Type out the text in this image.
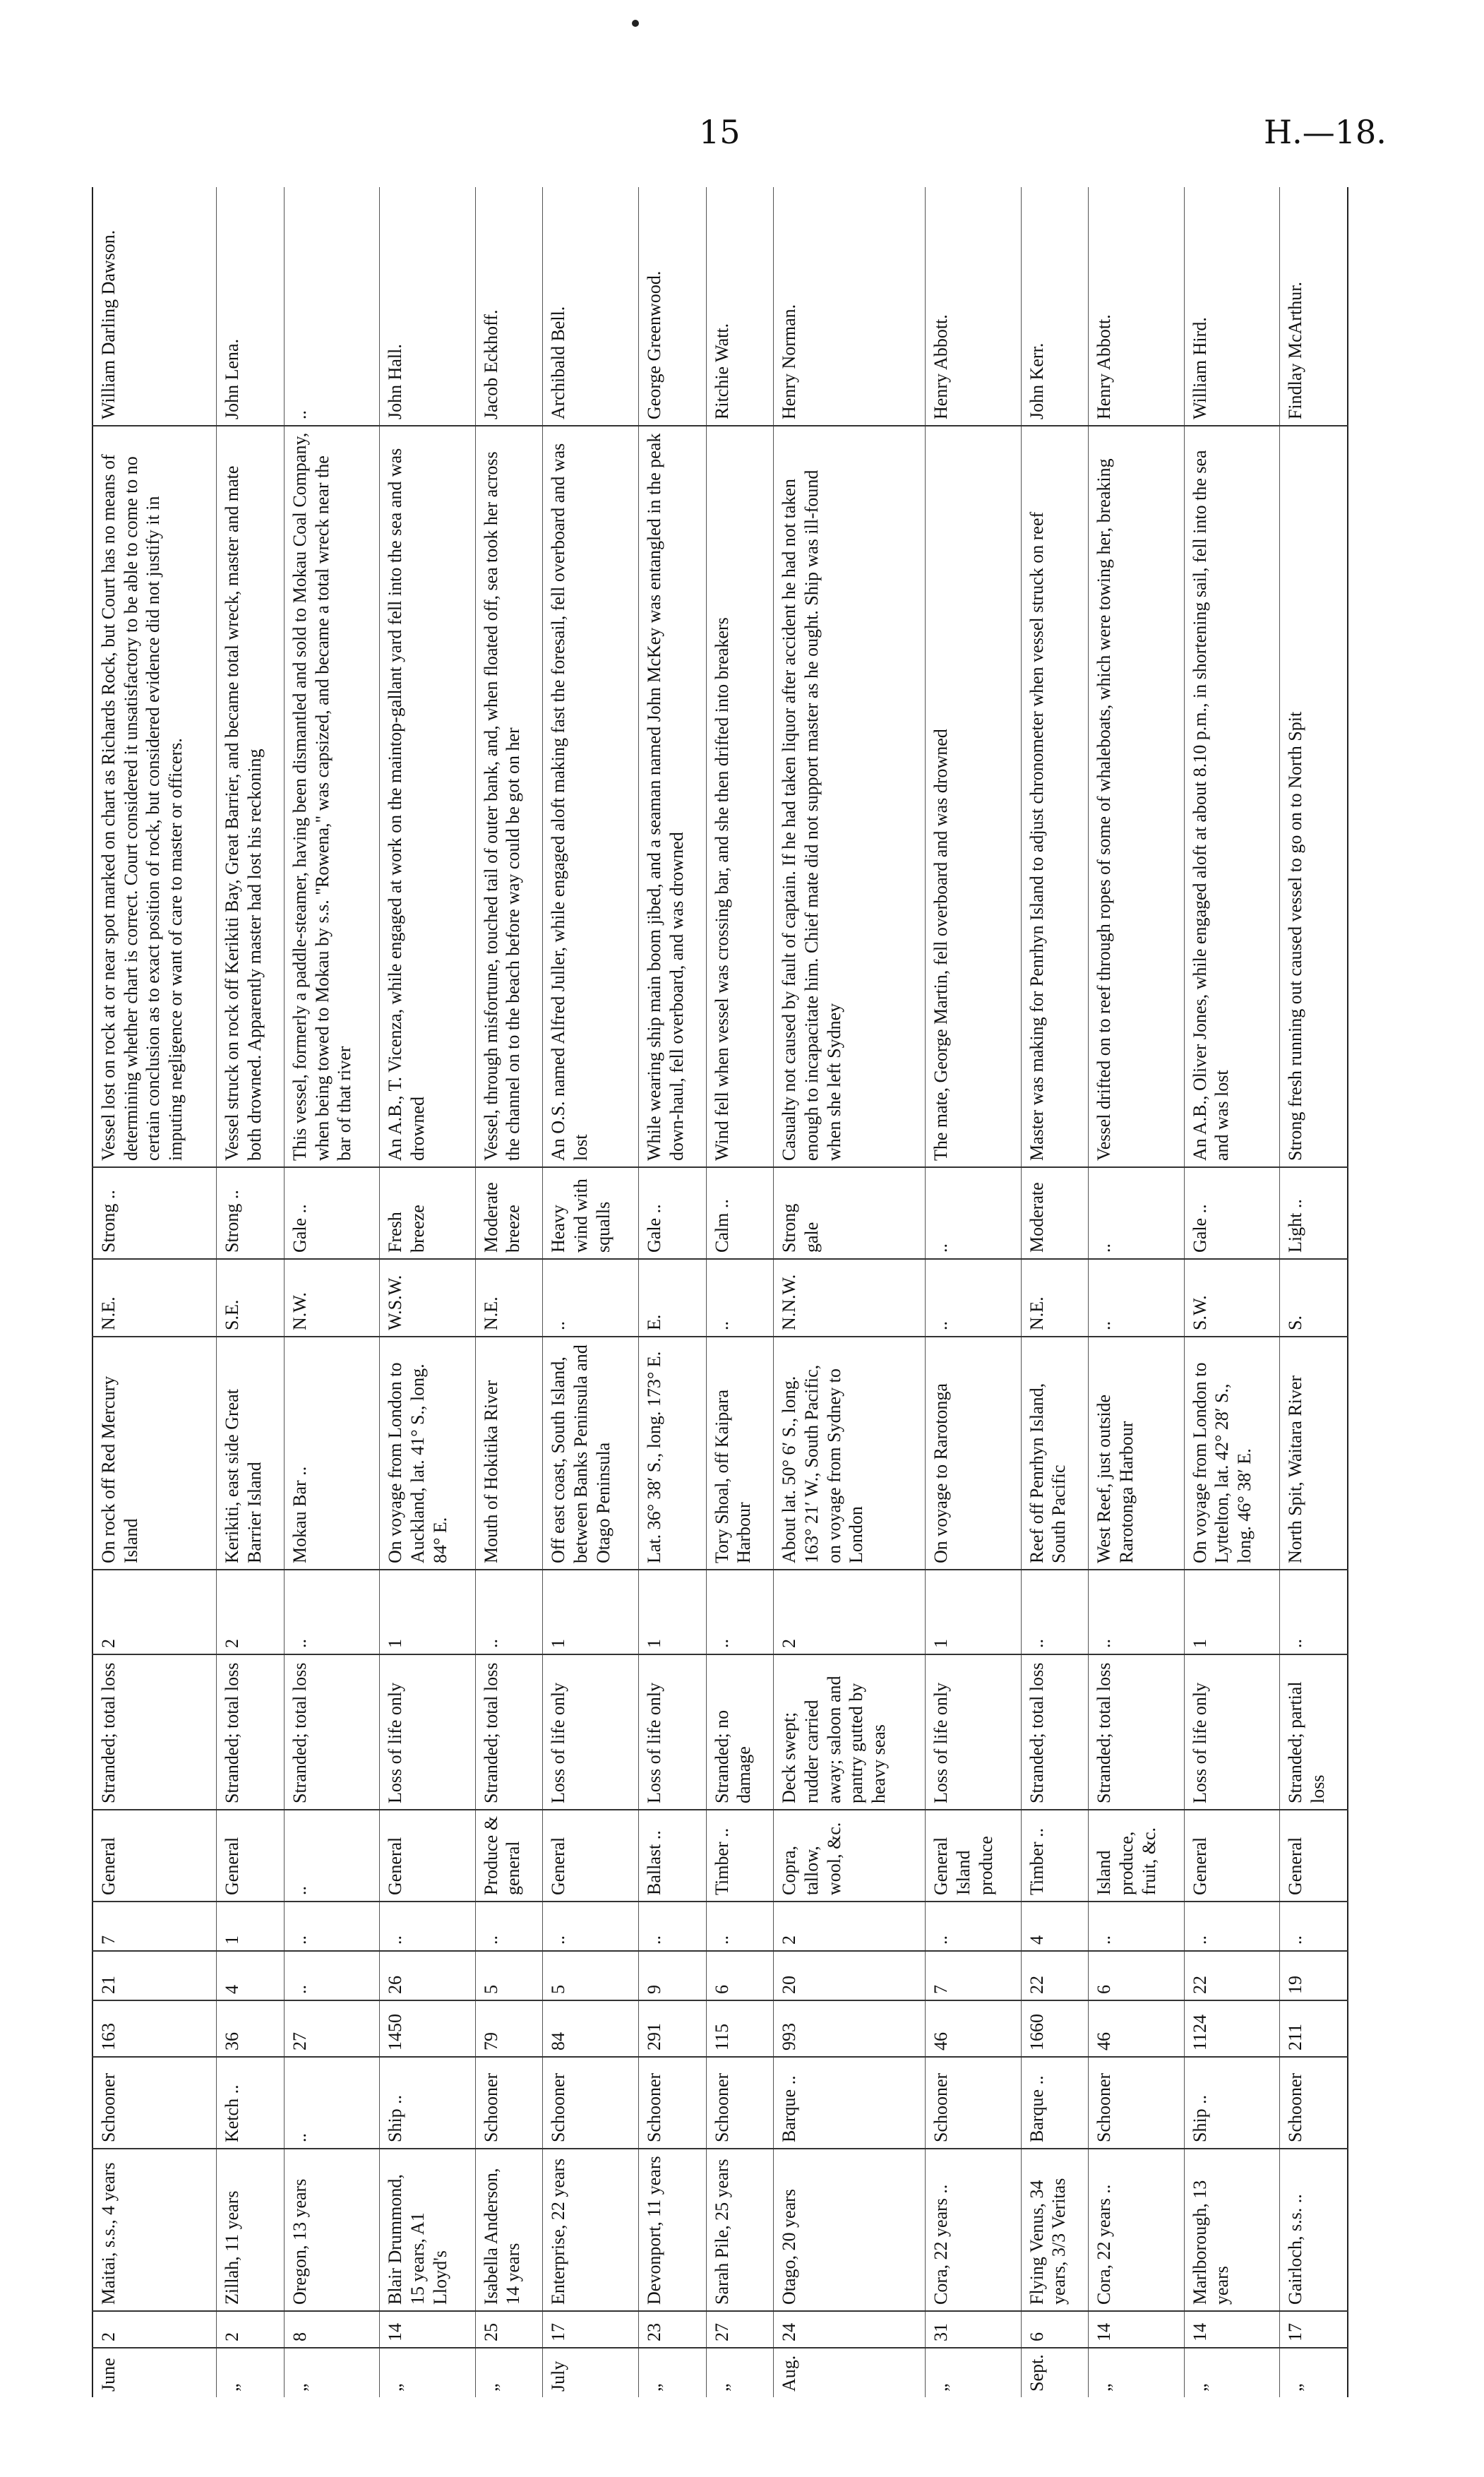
15	H.—18.
June	2	Maitai, s.s., 4 years	Schooner	163	21	7	General	Stranded; total loss	2	On rock off Red Mercury Island	N.E.	Strong ..	Vessel lost on rock at or near spot marked on chart as Richards Rock, but Court has no means of determining whether chart is correct. Court considered it unsatisfactory to be able to come to no certain conclusion as to exact position of rock, but considered evidence did not justify it in imputing negligence or want of care to master or officers.	William Darling Dawson.
„	2	Zillah, 11 years	Ketch ..	36	4	1	General	Stranded; total loss	2	Kerikiti, east side Great Barrier Island	S.E.	Strong ..	Vessel struck on rock off Kerikiti Bay, Great Barrier, and became total wreck, master and mate both drowned. Apparently master had lost his reckoning	John Lena.
„	8	Oregon, 13 years	..	27	..	..	..	Stranded; total loss	..	Mokau Bar ..	N.W.	Gale ..	This vessel, formerly a paddle-steamer, having been dismantled and sold to Mokau Coal Company, when being towed to Mokau by s.s. "Rowena," was capsized, and became a total wreck near the bar of that river	..
„	14	Blair Drummond, 15 years, A1 Lloyd's	Ship ..	1450	26	..	General	Loss of life only	1	On voyage from London to Auckland, lat. 41° S., long. 84° E.	W.S.W.	Fresh breeze	An A.B., T. Vicenza, while engaged at work on the maintop-gallant yard fell into the sea and was drowned	John Hall.
„	25	Isabella Anderson, 14 years	Schooner	79	5	..	Produce & general	Stranded; total loss	..	Mouth of Hokitika River	N.E.	Moderate breeze	Vessel, through misfortune, touched tail of outer bank, and, when floated off, sea took her across the channel on to the beach before way could be got on her	Jacob Eckhoff.
July	17	Enterprise, 22 years	Schooner	84	5	..	General	Loss of life only	1	Off east coast, South Island, between Banks Peninsula and Otago Peninsula	..	Heavy wind with squalls	An O.S. named Alfred Juller, while engaged aloft making fast the foresail, fell overboard and was lost	Archibald Bell.
„	23	Devonport, 11 years	Schooner	291	9	..	Ballast ..	Loss of life only	1	Lat. 36° 38′ S., long. 173° E.	E.	Gale ..	While wearing ship main boom jibed, and a seaman named John McKey was entangled in the peak down-haul, fell overboard, and was drowned	George Greenwood.
„	27	Sarah Pile, 25 years	Schooner	115	6	..	Timber ..	Stranded; no damage	..	Tory Shoal, off Kaipara Harbour	..	Calm ..	Wind fell when vessel was crossing bar, and she then drifted into breakers	Ritchie Watt.
Aug.	24	Otago, 20 years	Barque ..	993	20	2	Copra, tallow, wool, &c.	Deck swept; rudder carried away; saloon and pantry gutted by heavy seas	2	About lat. 50° 6′ S., long. 163° 21′ W., South Pacific, on voyage from Sydney to London	N.N.W.	Strong gale	Casualty not caused by fault of captain. If he had taken liquor after accident he had not taken enough to incapacitate him. Chief mate did not support master as he ought. Ship was ill-found when she left Sydney	Henry Norman.
„	31	Cora, 22 years ..	Schooner	46	7	..	General Island produce	Loss of life only	1	On voyage to Rarotonga	..	..	The mate, George Martin, fell overboard and was drowned	Henry Abbott.
Sept.	6	Flying Venus, 34 years, 3/3 Veritas	Barque ..	1660	22	4	Timber ..	Stranded; total loss	..	Reef off Penrhyn Island, South Pacific	N.E.	Moderate	Master was making for Penrhyn Island to adjust chronometer when vessel struck on reef	John Kerr.
„	14	Cora, 22 years ..	Schooner	46	6	..	Island produce, fruit, &c.	Stranded; total loss	..	West Reef, just outside Rarotonga Harbour	..	..	Vessel drifted on to reef through ropes of some of whaleboats, which were towing her, breaking	Henry Abbott.
„	14	Marlborough, 13 years	Ship ..	1124	22	..	General	Loss of life only	1	On voyage from London to Lyttelton, lat. 42° 28′ S., long. 46° 38′ E.	S.W.	Gale ..	An A.B., Oliver Jones, while engaged aloft at about 8.10 p.m., in shortening sail, fell into the sea and was lost	William Hird.
„	17	Gairloch, s.s. ..	Schooner	211	19	..	General	Stranded; partial loss	..	North Spit, Waitara River	S.	Light ..	Strong fresh running out caused vessel to go on to North Spit	Findlay McArthur.
